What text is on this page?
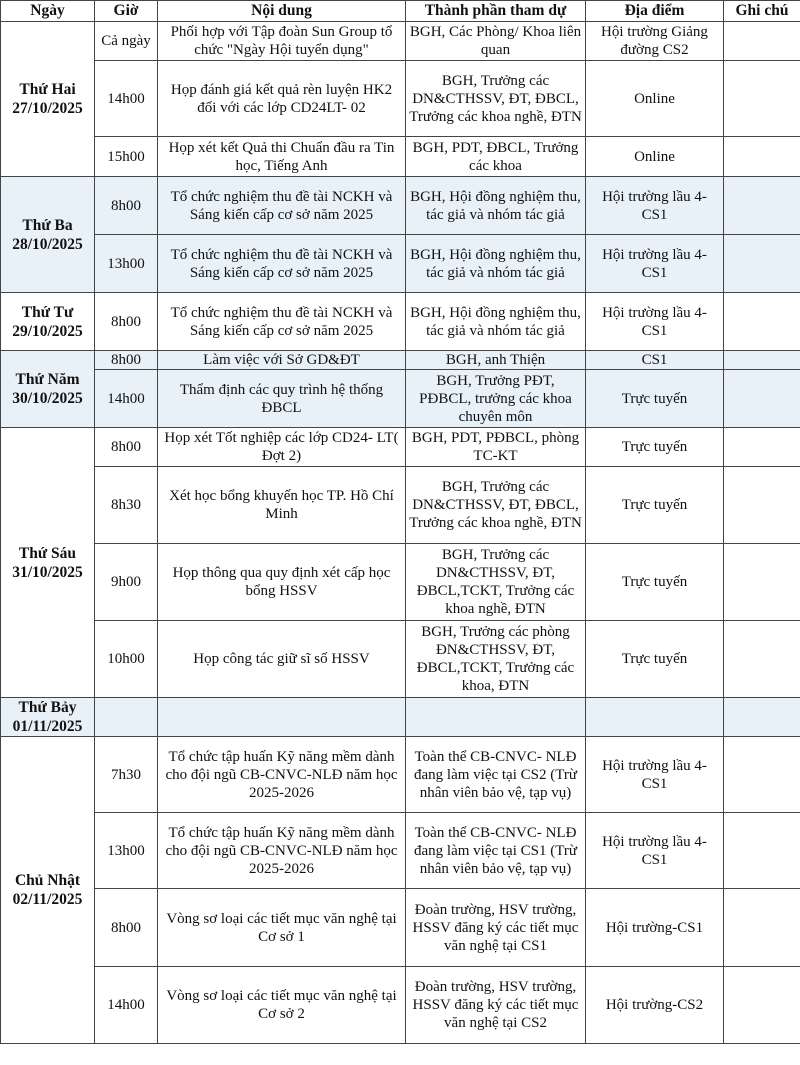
Ngày	Giờ	Nội dung	Thành phần tham dự	Địa điểm	Ghi chú

Thứ Hai
27/10/2025	Cả ngày	Phối hợp với Tập đoàn Sun Group tổ chức "Ngày Hội tuyển dụng"	BGH, Các Phòng/ Khoa liên quan	Hội trường Giảng đường CS2	
	14h00	Họp đánh giá kết quả rèn luyện HK2 đối với các lớp CD24LT- 02	BGH, Trưởng các DN&CTHSSV, ĐT, ĐBCL, Trưởng các khoa nghề, ĐTN	Online	
	15h00	Họp xét kết Quả thi Chuẩn đầu ra Tin học, Tiếng Anh	BGH, PDT, ĐBCL, Trưởng các khoa	Online	

Thứ Ba
28/10/2025	8h00	Tổ chức nghiệm thu đề tài NCKH và Sáng kiến cấp cơ sở năm 2025	BGH, Hội đồng nghiệm thu, tác giả và nhóm tác giả	Hội trường lầu 4- CS1	
	13h00	Tổ chức nghiệm thu đề tài NCKH và Sáng kiến cấp cơ sở năm 2025	BGH, Hội đồng nghiệm thu, tác giả và nhóm tác giả	Hội trường lầu 4- CS1	

Thứ Tư
29/10/2025	8h00	Tổ chức nghiệm thu đề tài NCKH và Sáng kiến cấp cơ sở năm 2025	BGH, Hội đồng nghiệm thu, tác giả và nhóm tác giả	Hội trường lầu 4- CS1	

Thứ Năm
30/10/2025	8h00	Làm việc với Sở GD&ĐT	BGH, anh Thiện	CS1	
	14h00	Thẩm định các quy trình hệ thống ĐBCL	BGH, Trưởng PĐT, PĐBCL, trưởng các khoa chuyên môn	Trực tuyến	

Thứ Sáu
31/10/2025	8h00	Họp xét Tốt nghiệp các lớp CD24- LT( Đợt 2)	BGH, PDT, PĐBCL, phòng TC-KT	Trực tuyến	
	8h30	Xét học bổng khuyến học TP. Hồ Chí Minh	BGH, Trưởng các DN&CTHSSV, ĐT, ĐBCL, Trưởng các khoa nghề, ĐTN	Trực tuyến	
	9h00	Họp thông qua quy định xét cấp học bổng HSSV	BGH, Trưởng các DN&CTHSSV, ĐT, ĐBCL,TCKT, Trưởng các khoa nghề, ĐTN	Trực tuyến	
	10h00	Họp công tác giữ sĩ số HSSV	BGH, Trưởng các phòng ĐN&CTHSSV, ĐT, ĐBCL,TCKT, Trưởng các khoa, ĐTN	Trực tuyến	

Thứ Bảy
01/11/2025					

Chủ Nhật
02/11/2025	7h30	Tổ chức tập huấn Kỹ năng mềm dành cho đội ngũ CB-CNVC-NLĐ năm học 2025-2026	Toàn thể CB-CNVC- NLĐ đang làm việc tại CS2 (Trừ nhân viên bảo vệ, tạp vụ)	Hội trường lầu 4- CS1	
	13h00	Tổ chức tập huấn Kỹ năng mềm dành cho đội ngũ CB-CNVC-NLĐ năm học 2025-2026	Toàn thể CB-CNVC- NLĐ đang làm việc tại CS1 (Trừ nhân viên bảo vệ, tạp vụ)	Hội trường lầu 4- CS1	
	8h00	Vòng sơ loại các tiết mục văn nghệ tại Cơ sở 1	Đoàn trường, HSV trường, HSSV đăng ký các tiết mục văn nghệ tại CS1	Hội trường-CS1	
	14h00	Vòng sơ loại các tiết mục văn nghệ tại Cơ sở 2	Đoàn trường, HSV trường, HSSV đăng ký các tiết mục văn nghệ tại CS2	Hội trường-CS2	
